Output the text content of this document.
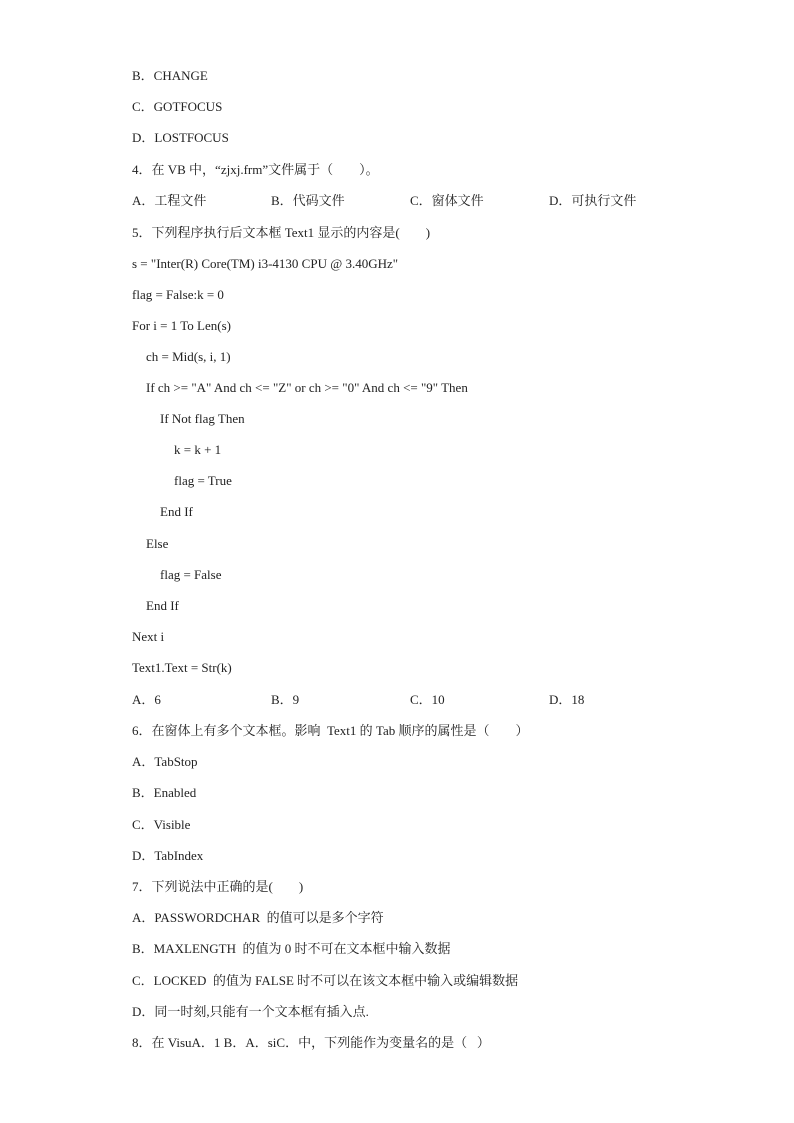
B．CHANGE
C．GOTFOCUS
D．LOSTFOCUS
4．在 VB 中，“zjxj.frm”文件属于（　　）。
A．工程文件	B．代码文件	C．窗体文件	D．可执行文件
5．下列程序执行后文本框 Text1 显示的内容是(　　)
s = "Inter(R) Core(TM) i3-4130 CPU @ 3.40GHz"
flag = False:k = 0
For i = 1 To Len(s)
ch = Mid(s, i, 1)
If ch >= "A" And ch <= "Z" or ch >= "0" And ch <= "9" Then
If Not flag Then
k = k + 1
flag = True
End If
Else
flag = False
End If
Next i
Text1.Text = Str(k)
A．6	B．9	C．10	D．18
6．在窗体上有多个文本框。影响  Text1 的 Tab 顺序的属性是（　　）
A．TabStop
B．Enabled
C．Visible
D．TabIndex
7．下列说法中正确的是(　　)
A．PASSWORDCHAR  的值可以是多个字符
B．MAXLENGTH  的值为 0 时不可在文本框中输入数据
C．LOCKED  的值为 FALSE 时不可以在该文本框中输入或编辑数据
D．同一时刻,只能有一个文本框有插入点.
8．在 VisuA．1 B．A．siC．中，下列能作为变量名的是（   ）
